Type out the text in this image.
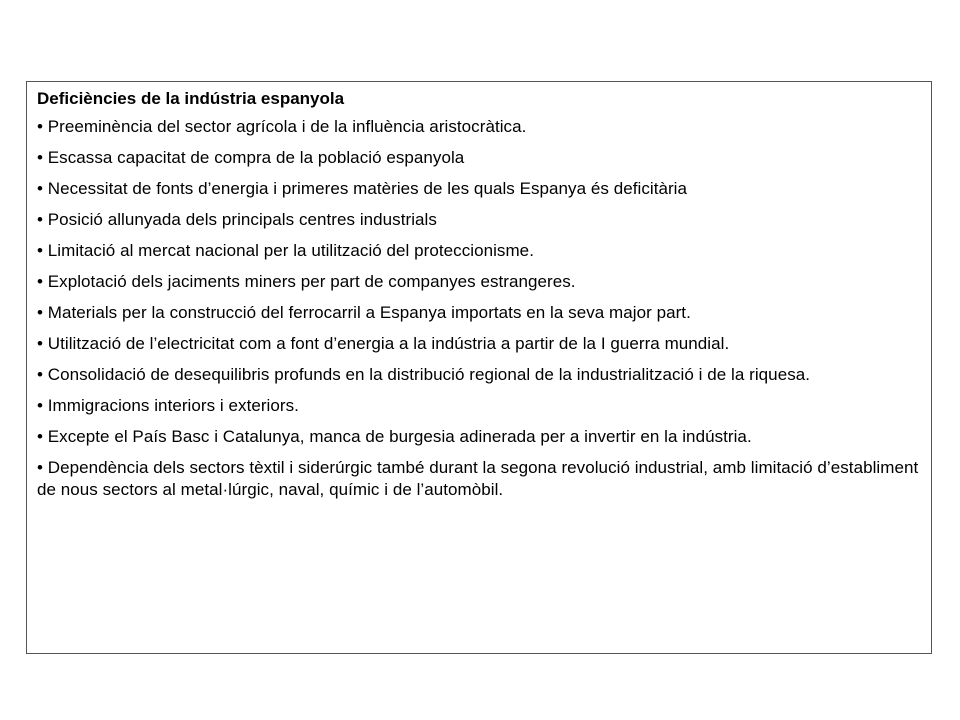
Deficiències de la indústria espanyola
• Preeminència del sector agrícola i de la influència aristocràtica.
• Escassa capacitat de compra de la població espanyola
• Necessitat de fonts d’energia i primeres matèries de les quals Espanya és deficitària
• Posició allunyada dels principals centres industrials
• Limitació al mercat nacional per la utilització del proteccionisme.
• Explotació dels jaciments miners per part de companyes estrangeres.
• Materials per la construcció del ferrocarril a Espanya importats en la seva major part.
• Utilització de l’electricitat com a font d’energia a la indústria a partir de la I guerra mundial.
• Consolidació de desequilibris profunds en la distribució regional de la industrialització i de la riquesa.
• Immigracions interiors i exteriors.
• Excepte el País Basc i Catalunya, manca de burgesia adinerada per a invertir en la indústria.
• Dependència dels sectors tèxtil i siderúrgic també durant la segona revolució industrial, amb limitació d’establiment de nous sectors al metal·lúrgic, naval, químic i de l’automòbil.
